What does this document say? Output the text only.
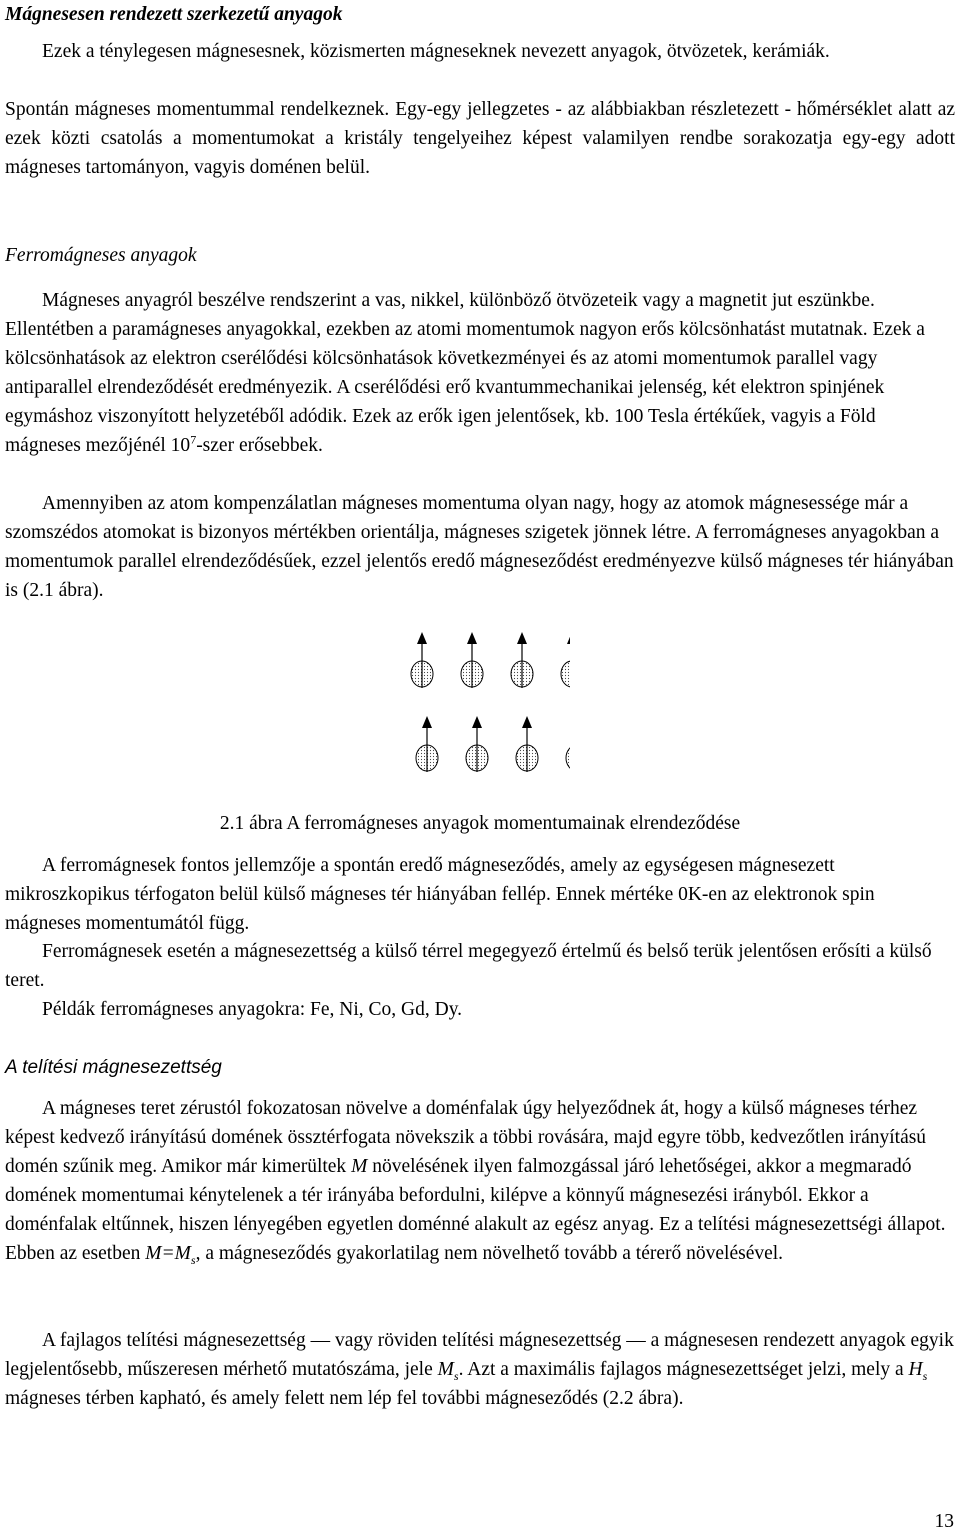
Mágnesesen rendezett szerkezetű anyagok

Ezek a ténylegesen mágnesesnek, közismerten mágneseknek nevezett anyagok, ötvözetek, kerámiák.

Spontán mágneses momentummal rendelkeznek. Egy-egy jellegzetes - az alábbiakban részletezett - hőmérséklet alatt az ezek közti csatolás a momentumokat a kristály tengelyeihez képest valamilyen rendbe sorakozatja egy-egy adott mágneses tartományon, vagyis doménen belül.

Ferromágneses anyagok

Mágneses anyagról beszélve rendszerint a vas, nikkel, különböző ötvözeteik vagy a magnetit jut eszünkbe. Ellentétben a paramágneses anyagokkal, ezekben az atomi momentumok nagyon erős kölcsönhatást mutatnak. Ezek a kölcsönhatások az elektron cserélődési kölcsönhatások következményei és az atomi momentumok parallel vagy antiparallel elrendeződését eredményezik. A cserélődési erő kvantummechanikai jelenség, két elektron spinjének egymáshoz viszonyított helyzetéből adódik. Ezek az erők igen jelentősek, kb. 100 Tesla értékűek, vagyis a Föld mágneses mezőjénél $10^7$-szer erősebbek.

Amennyiben az atom kompenzálatlan mágneses momentuma olyan nagy, hogy az atomok mágnesessége már a szomszédos atomokat is bizonyos mértékben orientálja, mágneses szigetek jönnek létre. A ferromágneses anyagokban a momentumok parallel elrendeződésűek, ezzel jelentős eredő mágneseződést eredményezve külső mágneses tér hiányában is (2.1 ábra).

2.1 ábra A ferromágneses anyagok momentumainak elrendeződése

A ferromágnesek fontos jellemzője a spontán eredő mágneseződés, amely az egységesen mágnesezett mikroszkopikus térfogaton belül külső mágneses tér hiányában fellép. Ennek mértéke 0K-en az elektronok spin mágneses momentumától függ.

Ferromágnesek esetén a mágnesezettség a külső térrel megegyező értelmű és belső terük jelentősen erősíti a külső teret.

Példák ferromágneses anyagokra: Fe, Ni, Co, Gd, Dy.

A telítési mágnesezettség

A mágneses teret zérustól fokozatosan növelve a doménfalak úgy helyeződnek át, hogy a külső mágneses térhez képest kedvező irányítású domének össztérfogata növekszik a többi rovására, majd egyre több, kedvezőtlen irányítású domén szűnik meg. Amikor már kimerültek M növelésének ilyen falmozgással járó lehetőségei, akkor a megmaradó domének momentumai kénytelenek a tér irányába befordulni, kilépve a könnyű mágnesezési irányból. Ekkor a doménfalak eltűnnek, hiszen lényegében egyetlen doménné alakult az egész anyag. Ez a telítési mágnesezettségi állapot. Ebben az esetben $M=M_s$, a mágneseződés gyakorlatilag nem növelhető tovább a térerő növelésével.

A fajlagos telítési mágnesezettség — vagy röviden telítési mágnesezettség — a mágnesesen rendezett anyagok egyik legjelentősebb, műszeresen mérhető mutatószáma, jele $M_s$. Azt a maximális fajlagos mágnesezettséget jelzi, mely a $H_s$ mágneses térben kapható, és amely felett nem lép fel további mágneseződés (2.2 ábra).

13
